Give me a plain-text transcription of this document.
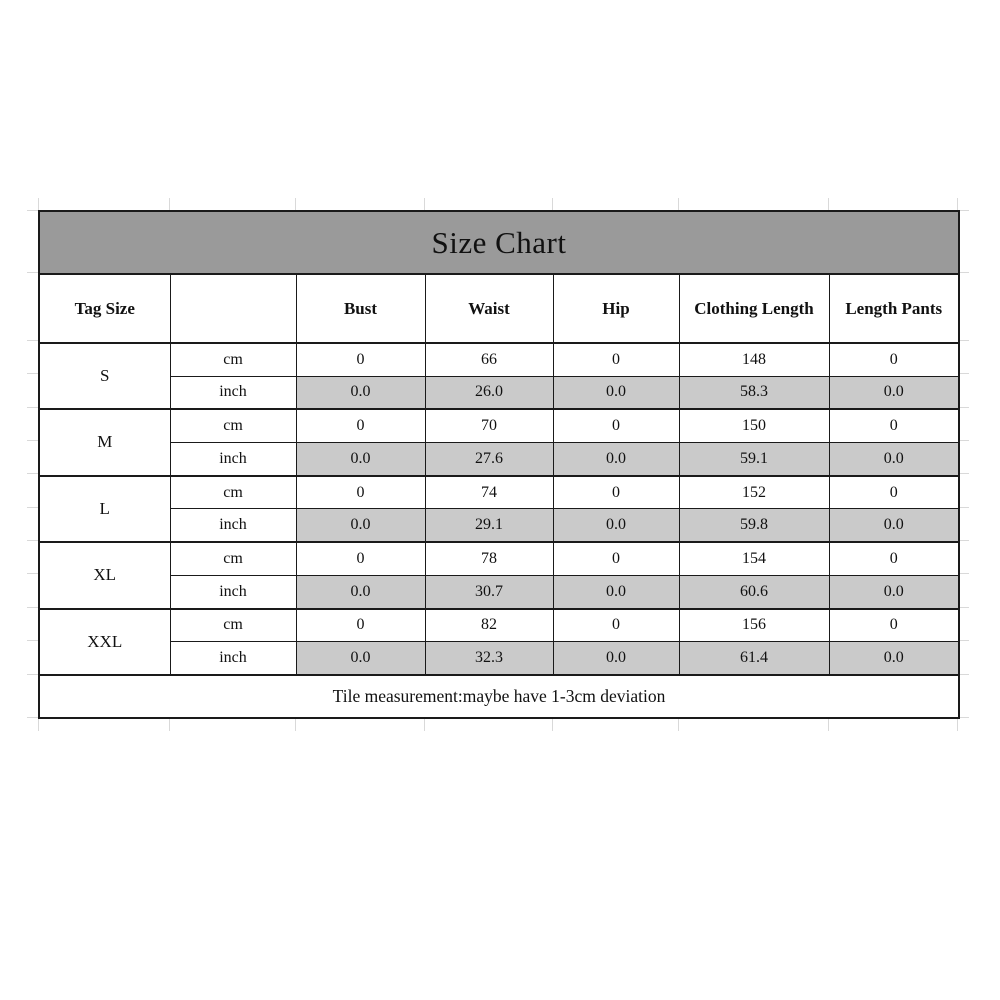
Size Chart						
Tag Size		Bust	Waist	Hip	Clothing Length	Length Pants
S	cm	0	66	0	148	0
	inch	0.0	26.0	0.0	58.3	0.0
M	cm	0	70	0	150	0
	inch	0.0	27.6	0.0	59.1	0.0
L	cm	0	74	0	152	0
	inch	0.0	29.1	0.0	59.8	0.0
XL	cm	0	78	0	154	0
	inch	0.0	30.7	0.0	60.6	0.0
XXL	cm	0	82	0	156	0
	inch	0.0	32.3	0.0	61.4	0.0
Tile measurement:maybe have 1-3cm deviation						
